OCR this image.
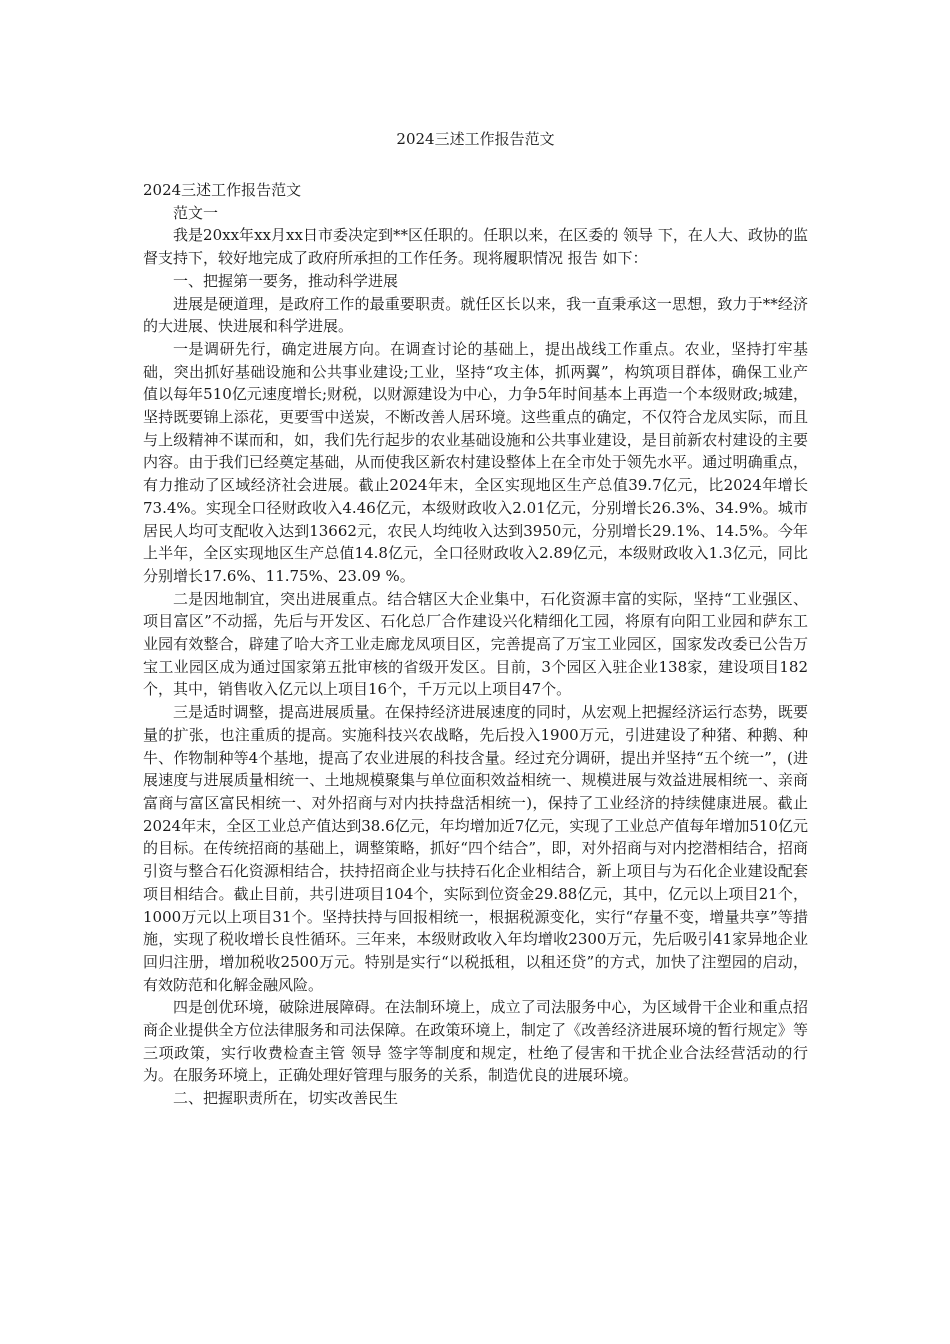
2024三述工作报告范文

2024三述工作报告范文

范文一

我是20xx年xx月xx日市委决定到**区任职的。任职以来，在区委的 领导 下，在人大、政协的监督支持下，较好地完成了政府所承担的工作任务。现将履职情况 报告 如下：

一、把握第一要务，推动科学进展

进展是硬道理，是政府工作的最重要职责。就任区长以来，我一直秉承这一思想，致力于**经济的大进展、快进展和科学进展。

一是调研先行，确定进展方向。在调查讨论的基础上，提出战线工作重点。农业，坚持打牢基础，突出抓好基础设施和公共事业建设;工业，坚持“攻主体，抓两翼”，构筑项目群体，确保工业产值以每年510亿元速度增长;财税，以财源建设为中心，力争5年时间基本上再造一个本级财政;城建，坚持既要锦上添花，更要雪中送炭，不断改善人居环境。这些重点的确定，不仅符合龙凤实际，而且与上级精神不谋而和，如，我们先行起步的农业基础设施和公共事业建设，是目前新农村建设的主要内容。由于我们已经奠定基础，从而使我区新农村建设整体上在全市处于领先水平。通过明确重点，有力推动了区域经济社会进展。截止2024年末，全区实现地区生产总值39.7亿元，比2024年增长73.4%。实现全口径财政收入4.46亿元，本级财政收入2.01亿元，分别增长26.3%、34.9%。城市居民人均可支配收入达到13662元，农民人均纯收入达到3950元，分别增长29.1%、14.5%。今年上半年，全区实现地区生产总值14.8亿元，全口径财政收入2.89亿元，本级财政收入1.3亿元，同比分别增长17.6%、11.75%、23.09 %。

二是因地制宜，突出进展重点。结合辖区大企业集中，石化资源丰富的实际，坚持“工业强区、项目富区”不动摇，先后与开发区、石化总厂合作建设兴化精细化工园，将原有向阳工业园和萨东工业园有效整合，辟建了哈大齐工业走廊龙凤项目区，完善提高了万宝工业园区，国家发改委已公告万宝工业园区成为通过国家第五批审核的省级开发区。目前，3个园区入驻企业138家，建设项目182个，其中，销售收入亿元以上项目16个，千万元以上项目47个。

三是适时调整，提高进展质量。在保持经济进展速度的同时，从宏观上把握经济运行态势，既要量的扩张，也注重质的提高。实施科技兴农战略，先后投入1900万元，引进建设了种猪、种鹅、种牛、作物制种等4个基地，提高了农业进展的科技含量。经过充分调研，提出并坚持“五个统一”，(进展速度与进展质量相统一、土地规模聚集与单位面积效益相统一、规模进展与效益进展相统一、亲商富商与富区富民相统一、对外招商与对内扶持盘活相统一)，保持了工业经济的持续健康进展。截止2024年末，全区工业总产值达到38.6亿元，年均增加近7亿元，实现了工业总产值每年增加510亿元的目标。在传统招商的基础上，调整策略，抓好“四个结合”，即，对外招商与对内挖潜相结合，招商引资与整合石化资源相结合，扶持招商企业与扶持石化企业相结合，新上项目与为石化企业建设配套项目相结合。截止目前，共引进项目104个，实际到位资金29.88亿元，其中，亿元以上项目21个，1000万元以上项目31个。坚持扶持与回报相统一，根据税源变化，实行“存量不变，增量共享”等措施，实现了税收增长良性循环。三年来，本级财政收入年均增收2300万元，先后吸引41家异地企业回归注册，增加税收2500万元。特别是实行“以税抵租，以租还贷”的方式，加快了注塑园的启动，有效防范和化解金融风险。

四是创优环境，破除进展障碍。在法制环境上，成立了司法服务中心，为区域骨干企业和重点招商企业提供全方位法律服务和司法保障。在政策环境上，制定了《改善经济进展环境的暂行规定》等三项政策，实行收费检查主管 领导 签字等制度和规定，杜绝了侵害和干扰企业合法经营活动的行为。在服务环境上，正确处理好管理与服务的关系，制造优良的进展环境。

二、把握职责所在，切实改善民生
